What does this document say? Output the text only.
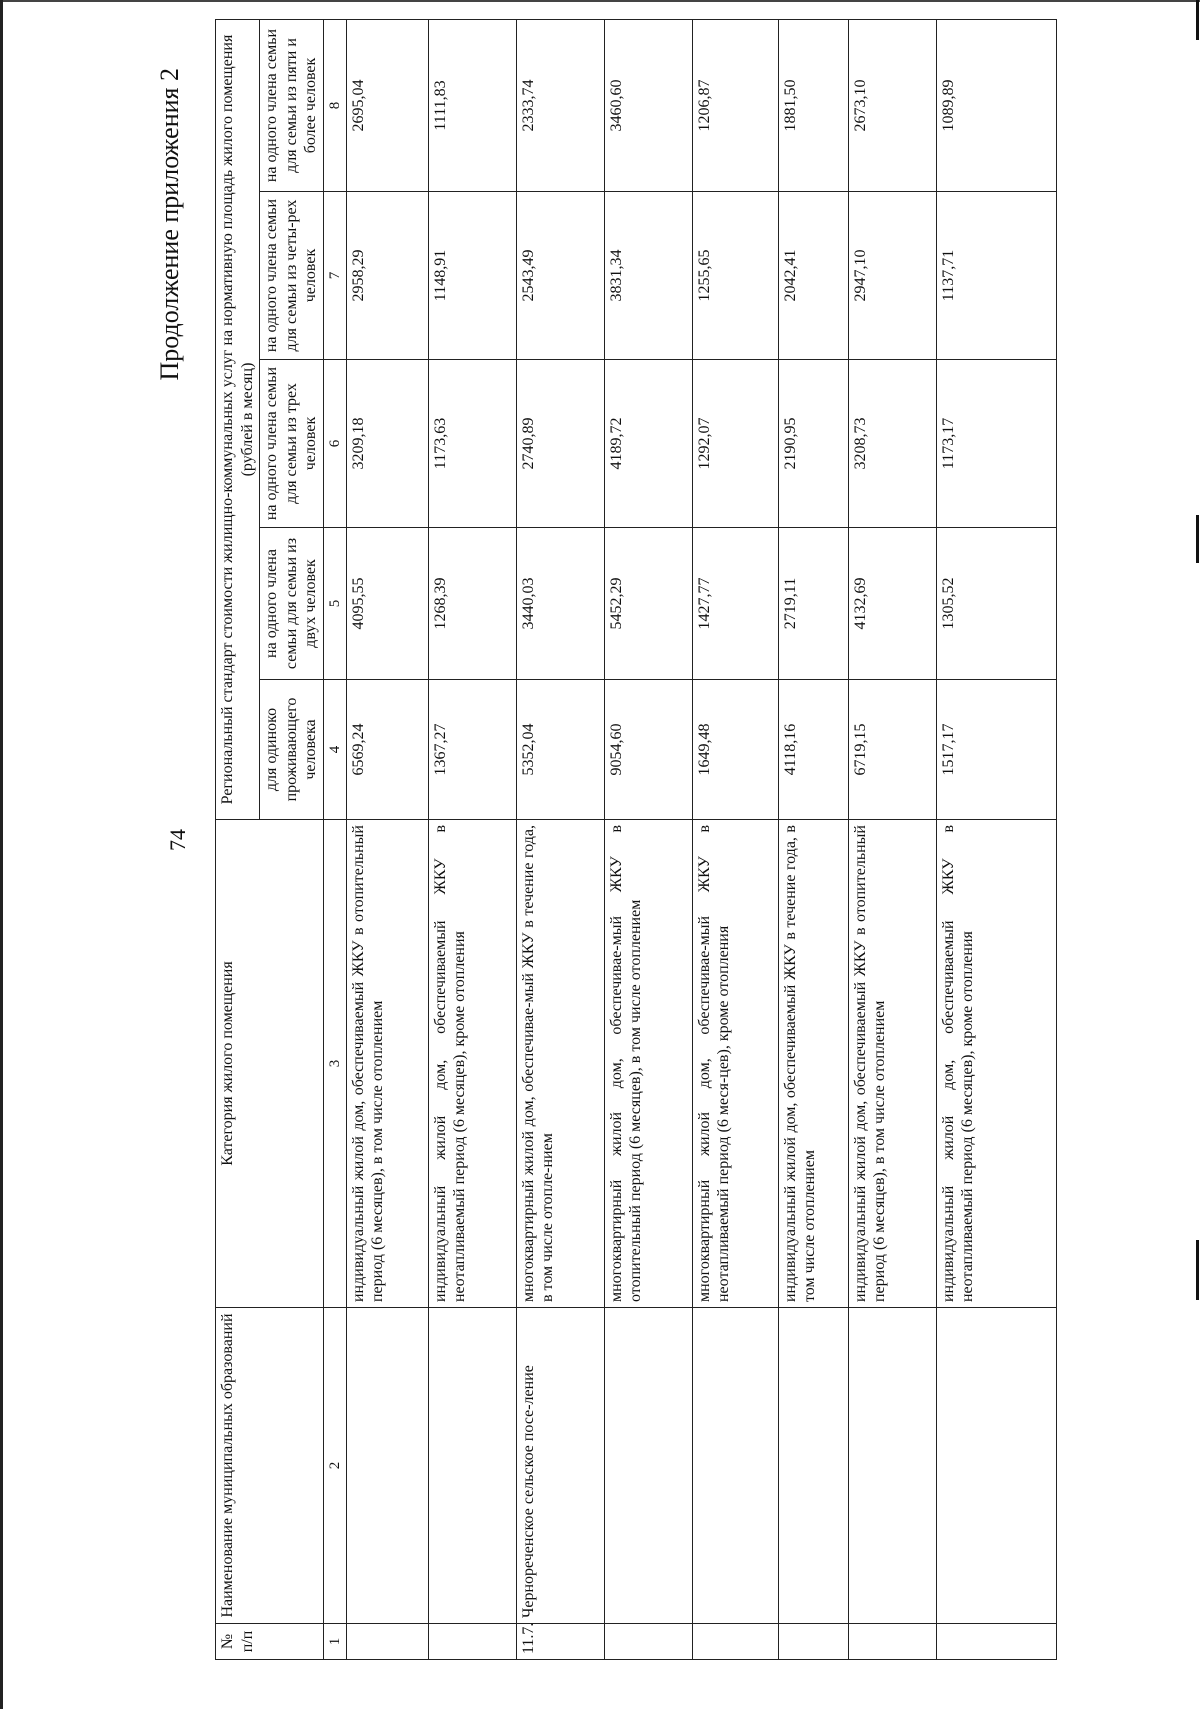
74
Продолжение приложения 2
№ п/п	Наименование муниципальных образований	Категория жилого помещения	Региональный стандарт стоимости жилищно-коммунальных услуг на нормативную площадь жилого помещения (рублей в месяц)				
			для одиноко проживающего человека	на одного члена семьи для семьи из двух человек	на одного члена семьи для семьи из трех человек	на одного члена семьи для семьи из четы-рех человек	на одного члена семьи для семьи из пяти и более человек
1	2	3	4	5	6	7	8
		индивидуальный жилой дом, обеспечиваемый ЖКУ в отопительный период (6 месяцев), в том числе отоплением	6569,24	4095,55	3209,18	2958,29	2695,04
		индивидуальный жилой дом, обеспечиваемый ЖКУ в неотапливаемый период (6 месяцев), кроме отопления	1367,27	1268,39	1173,63	1148,91	1111,83
11.7.	Чернореченское сельское посе-ление	многоквартирный жилой дом, обеспечивае-мый ЖКУ в течение года, в том числе отопле-нием	5352,04	3440,03	2740,89	2543,49	2333,74
		многоквартирный жилой дом, обеспечивае-мый ЖКУ в отопительный период (6 месяцев), в том числе отоплением	9054,60	5452,29	4189,72	3831,34	3460,60
		многоквартирный жилой дом, обеспечивае-мый ЖКУ в неотапливаемый период (6 меся-цев), кроме отопления	1649,48	1427,77	1292,07	1255,65	1206,87
		индивидуальный жилой дом, обеспечиваемый ЖКУ в течение года, в том числе отоплением	4118,16	2719,11	2190,95	2042,41	1881,50
		индивидуальный жилой дом, обеспечиваемый ЖКУ в отопительный период (6 месяцев), в том числе отоплением	6719,15	4132,69	3208,73	2947,10	2673,10
		индивидуальный жилой дом, обеспечиваемый ЖКУ в неотапливаемый период (6 месяцев), кроме отопления	1517,17	1305,52	1173,17	1137,71	1089,89
